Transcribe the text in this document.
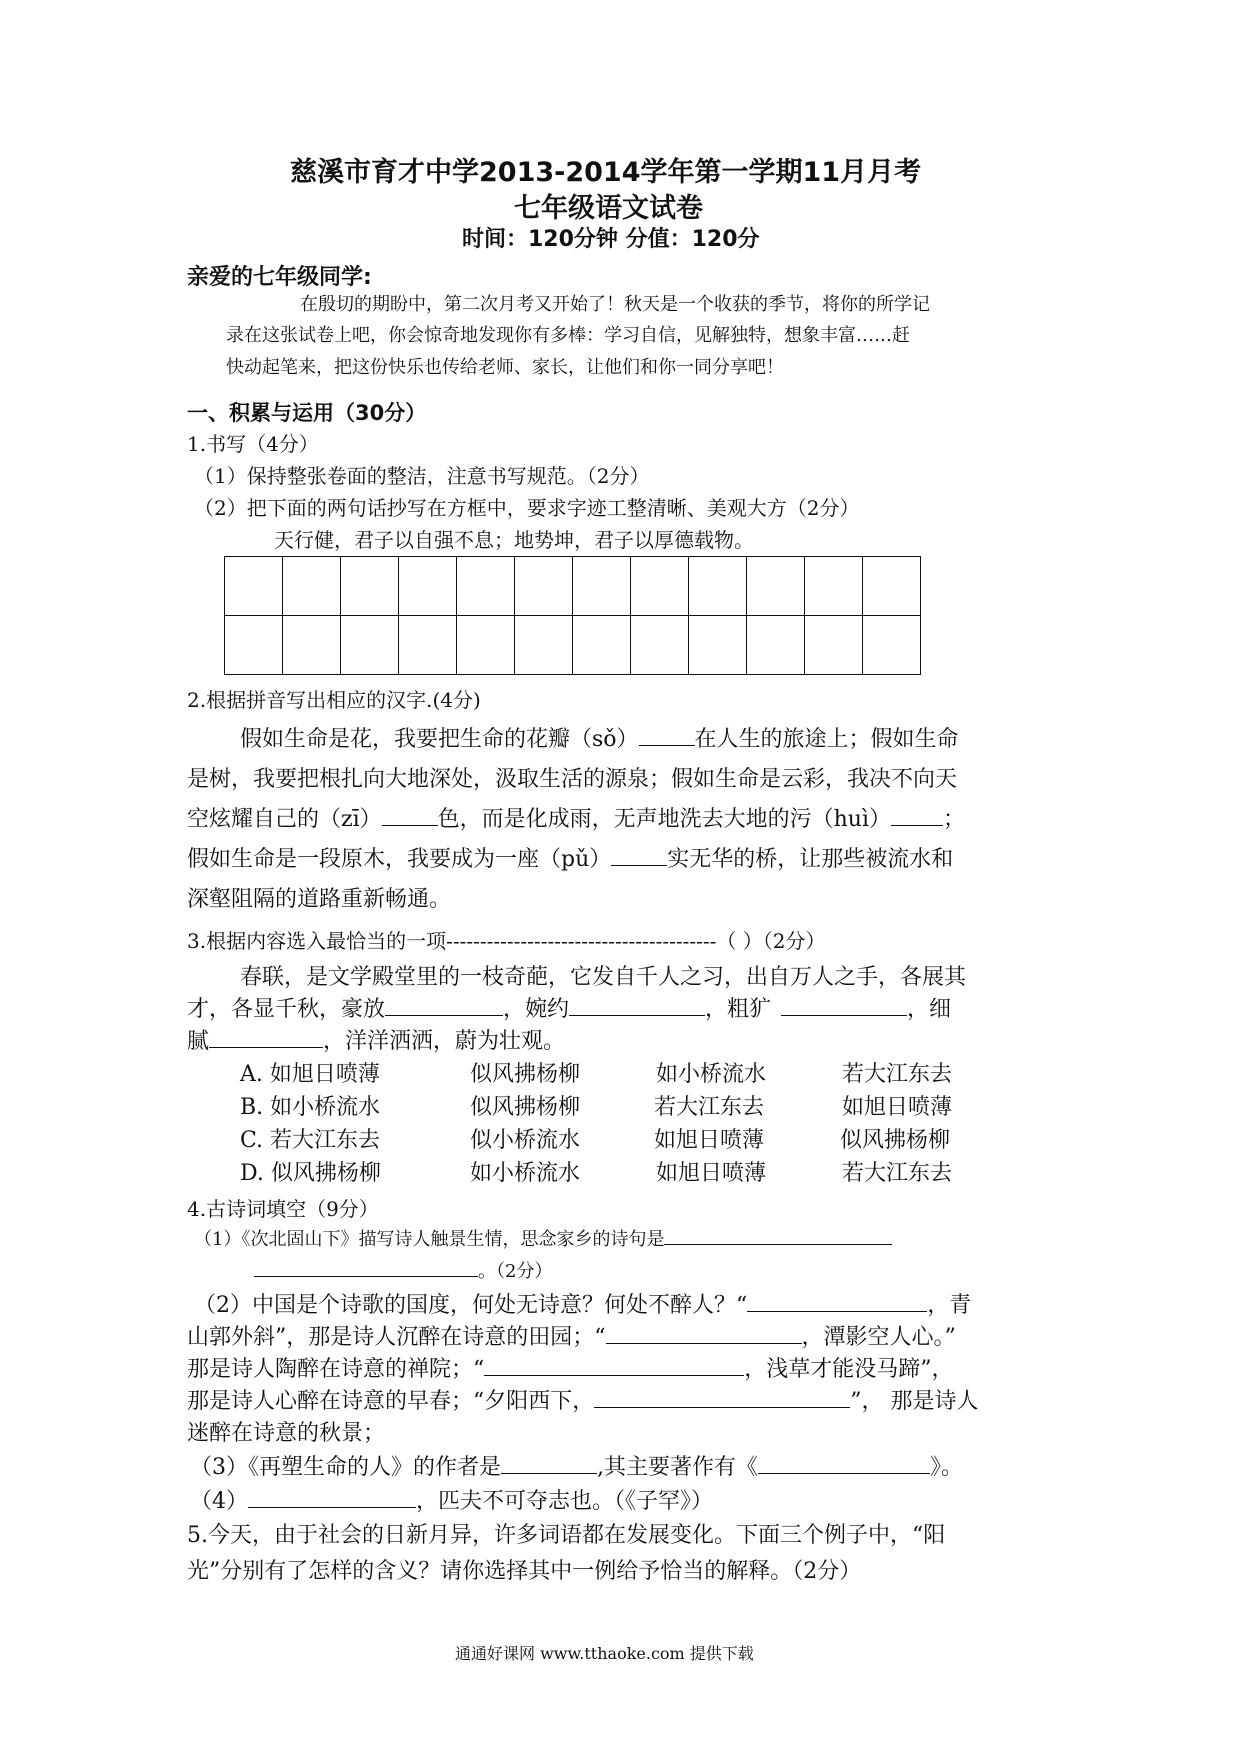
慈溪市育才中学2013-2014学年第一学期11月月考
七年级语文试卷
时间：120分钟 分值：120分
亲爱的七年级同学:
在殷切的期盼中，第二次月考又开始了！秋天是一个收获的季节，将你的所学记
录在这张试卷上吧，你会惊奇地发现你有多棒：学习自信，见解独特，想象丰富……赶
快动起笔来，把这份快乐也传给老师、家长，让他们和你一同分享吧！
一、积累与运用（30分）
1.书写（4分）
（1）保持整张卷面的整洁，注意书写规范。（2分）
（2）把下面的两句话抄写在方框中，要求字迹工整清晰、美观大方（2分）
天行健，君子以自强不息；地势坤，君子以厚德载物。

2.根据拼音写出相应的汉字.(4分)
假如生命是花，我要把生命的花瓣（sǒ）	在人生的旅途上；假如生命
是树，我要把根扎向大地深处，汲取生活的源泉；假如生命是云彩，我决不向天
空炫耀自己的（zī）	色，而是化成雨，无声地洗去大地的污（huì） ；
假如生命是一段原木，我要成为一座（pǔ）	实无华的桥，让那些被流水和
深壑阻隔的道路重新畅通。
3.根据内容选入最恰当的一项----------------------------------------（ ）（2分）
春联，是文学殿堂里的一枝奇葩，它发自千人之习，出自万人之手，各展其
才，各显千秋，豪放	，婉约	，粗犷	，细
腻	，洋洋洒洒，蔚为壮观。
A. 如旭日喷薄	似风拂杨柳	如小桥流水	若大江东去
B. 如小桥流水	似风拂杨柳	若大江东去	如旭日喷薄
C. 若大江东去	似小桥流水	如旭日喷薄	似风拂杨柳
D. 似风拂杨柳	如小桥流水	如旭日喷薄	若大江东去
4.古诗词填空（9分）
（1）《次北固山下》描写诗人触景生情，思念家乡的诗句是
。（2分）
（2）中国是个诗歌的国度，何处无诗意？何处不醉人？“	，青
山郭外斜”，那是诗人沉醉在诗意的田园；“	，潭影空人心。”
那是诗人陶醉在诗意的禅院；“	，浅草才能没马蹄”，
那是诗人心醉在诗意的早春；“夕阳西下，	”， 那是诗人
迷醉在诗意的秋景；
（3）《再塑生命的人》的作者是	,其主要著作有《	》。
（4）	，匹夫不可夺志也。（《子罕》）
5.今天，由于社会的日新月异，许多词语都在发展变化。下面三个例子中，“阳
光”分别有了怎样的含义？请你选择其中一例给予恰当的解释。（2分）
通通好课网 www.tthaoke.com 提供下载
